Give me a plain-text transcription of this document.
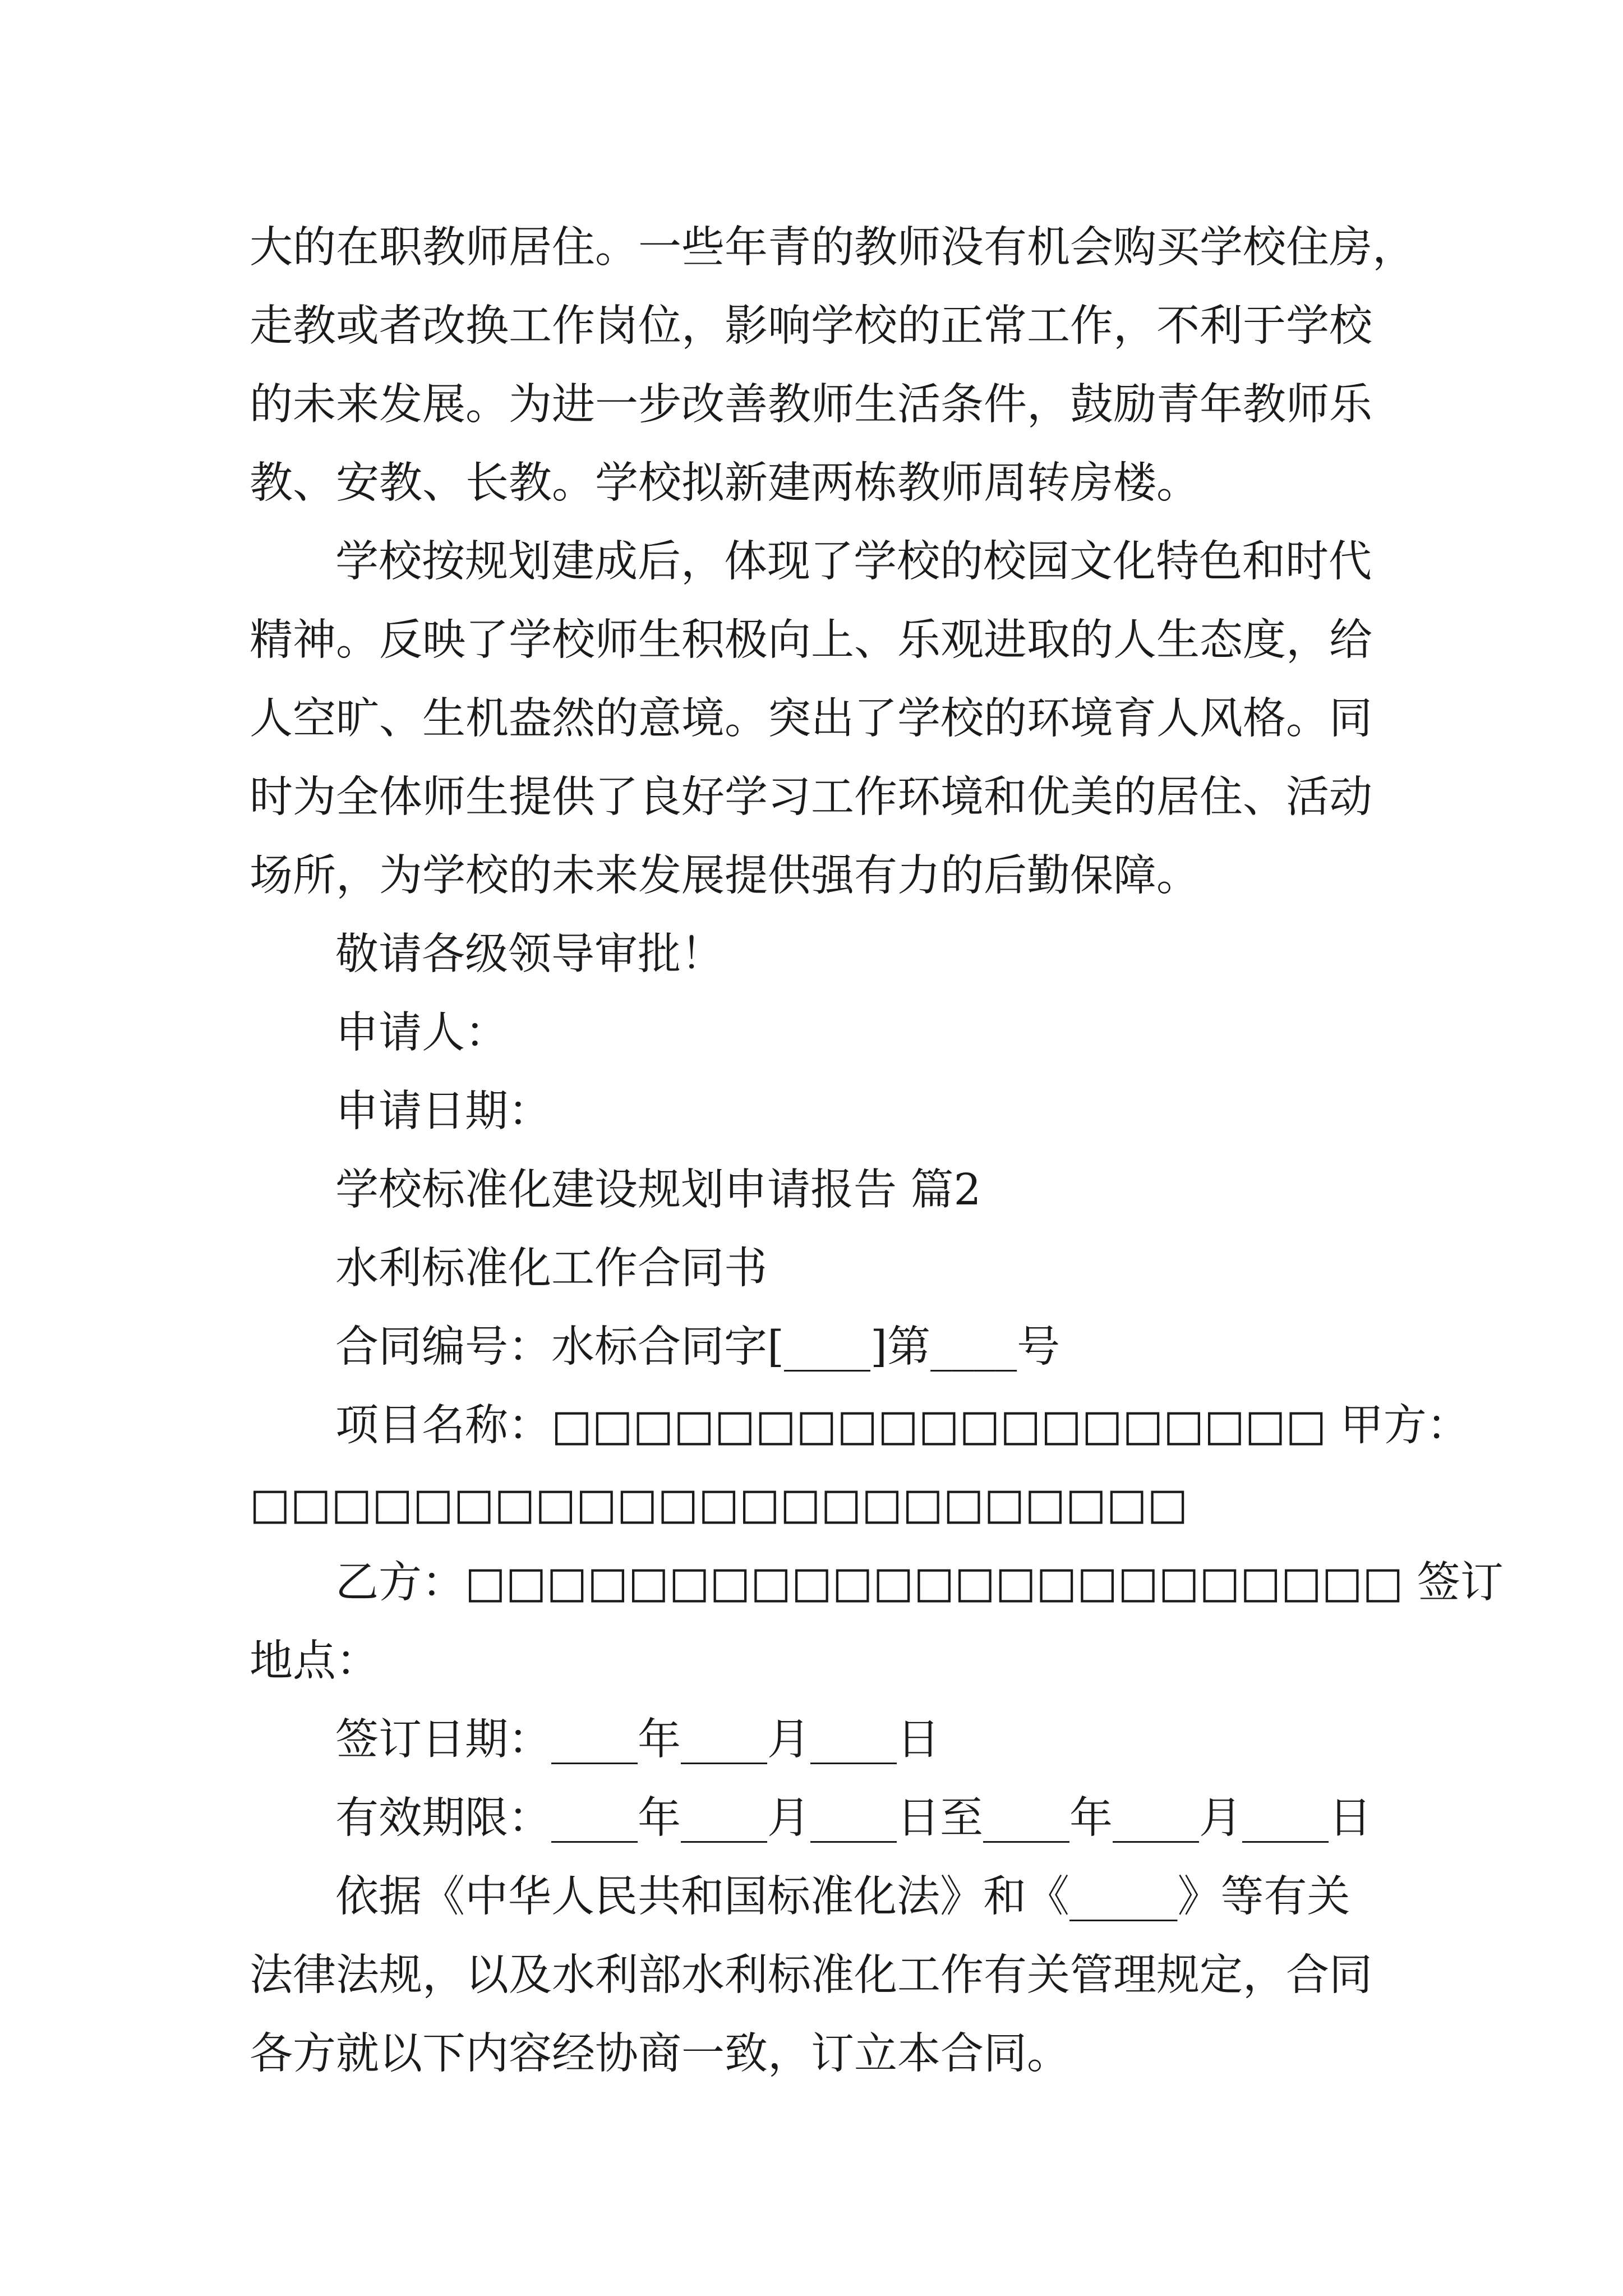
大的在职教师居住。一些年青的教师没有机会购买学校住房，

走教或者改换工作岗位，影响学校的正常工作，不利于学校

的未来发展。为进一步改善教师生活条件，鼓励青年教师乐

教、安教、长教。学校拟新建两栋教师周转房楼。

学校按规划建成后，体现了学校的校园文化特色和时代

精神。反映了学校师生积极向上、乐观进取的人生态度，给

人空旷、生机盎然的意境。突出了学校的环境育人风格。同

时为全体师生提供了良好学习工作环境和优美的居住、活动

场所，为学校的未来发展提供强有力的后勤保障。

敬请各级领导审批！

申请人：

申请日期：

学校标准化建设规划申请报告 篇2

水利标准化工作合同书

合同编号：水标合同字[____]第____号

项目名称：□□□□□□□□□□□□□□□□□□□ 甲方：

□□□□□□□□□□□□□□□□□□□□□□□

乙方：□□□□□□□□□□□□□□□□□□□□□□□ 签订

地点：

签订日期：____年____月____日

有效期限：____年____月____日至____年____月____日

依据《中华人民共和国标准化法》和《_____》等有关

法律法规，以及水利部水利标准化工作有关管理规定，合同

各方就以下内容经协商一致，订立本合同。
